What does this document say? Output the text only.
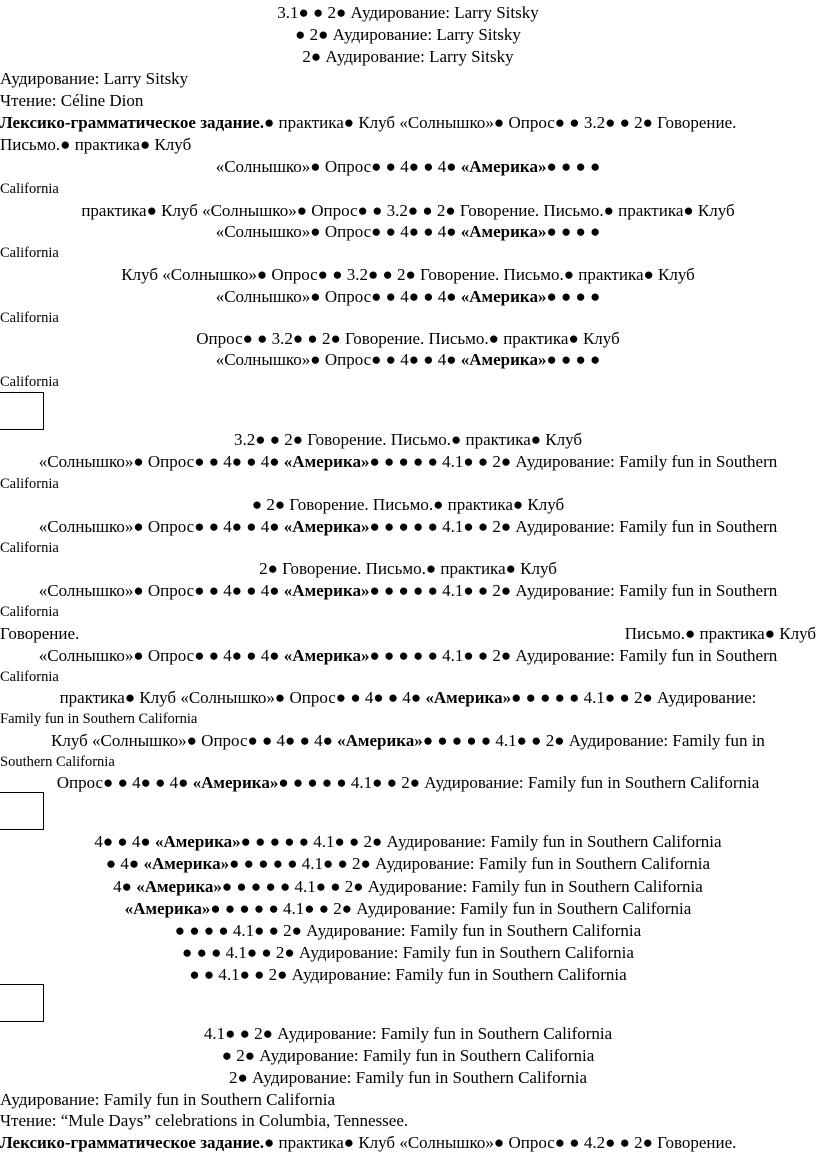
3.1● ● 2● Аудирование: Larry Sitsky
● 2● Аудирование: Larry Sitsky
2● Аудирование: Larry Sitsky
Аудирование: Larry Sitsky
Чтение: Céline Dion
Лексико-грамматическое задание.● практика● Клуб «Солнышко»● Опрос● ● 3.2● ● 2● Говорение.
Письмо.● практика● Клуб
«Солнышко»● Опрос● ● 4● ● 4● «Америка»● ● ● ●
California
практика● Клуб «Солнышко»● Опрос● ● 3.2● ● 2● Говорение. Письмо.● практика● Клуб
«Солнышко»● Опрос● ● 4● ● 4● «Америка»● ● ● ●
California
Клуб «Солнышко»● Опрос● ● 3.2● ● 2● Говорение. Письмо.● практика● Клуб
«Солнышко»● Опрос● ● 4● ● 4● «Америка»● ● ● ●
California
Опрос● ● 3.2● ● 2● Говорение. Письмо.● практика● Клуб
«Солнышко»● Опрос● ● 4● ● 4● «Америка»● ● ● ●
California
3.2● ● 2● Говорение. Письмо.● практика● Клуб
«Солнышко»● Опрос● ● 4● ● 4● «Америка»● ● ● ● ● 4.1● ● 2● Аудирование: Family fun in Southern
California
● 2● Говорение. Письмо.● практика● Клуб
«Солнышко»● Опрос● ● 4● ● 4● «Америка»● ● ● ● ● 4.1● ● 2● Аудирование: Family fun in Southern
California
2● Говорение. Письмо.● практика● Клуб
«Солнышко»● Опрос● ● 4● ● 4● «Америка»● ● ● ● ● 4.1● ● 2● Аудирование: Family fun in Southern
California
Говорение.	Письмо.● практика● Клуб
«Солнышко»● Опрос● ● 4● ● 4● «Америка»● ● ● ● ● 4.1● ● 2● Аудирование: Family fun in Southern
California
практика● Клуб «Солнышко»● Опрос● ● 4● ● 4● «Америка»● ● ● ● ● 4.1● ● 2● Аудирование:
Family fun in Southern California
Клуб «Солнышко»● Опрос● ● 4● ● 4● «Америка»● ● ● ● ● 4.1● ● 2● Аудирование: Family fun in
Southern California
Опрос● ● 4● ● 4● «Америка»● ● ● ● ● 4.1● ● 2● Аудирование: Family fun in Southern California
4● ● 4● «Америка»● ● ● ● ● 4.1● ● 2● Аудирование: Family fun in Southern California
● 4● «Америка»● ● ● ● ● 4.1● ● 2● Аудирование: Family fun in Southern California
4● «Америка»● ● ● ● ● 4.1● ● 2● Аудирование: Family fun in Southern California
«Америка»● ● ● ● ● 4.1● ● 2● Аудирование: Family fun in Southern California
● ● ● ● 4.1● ● 2● Аудирование: Family fun in Southern California
● ● ● 4.1● ● 2● Аудирование: Family fun in Southern California
● ● 4.1● ● 2● Аудирование: Family fun in Southern California
4.1● ● 2● Аудирование: Family fun in Southern California
● 2● Аудирование: Family fun in Southern California
2● Аудирование: Family fun in Southern California
Аудирование: Family fun in Southern California
Чтение: “Mule Days” celebrations in Columbia, Tennessee.
Лексико-грамматическое задание.● практика● Клуб «Солнышко»● Опрос● ● 4.2● ● 2● Говорение.
